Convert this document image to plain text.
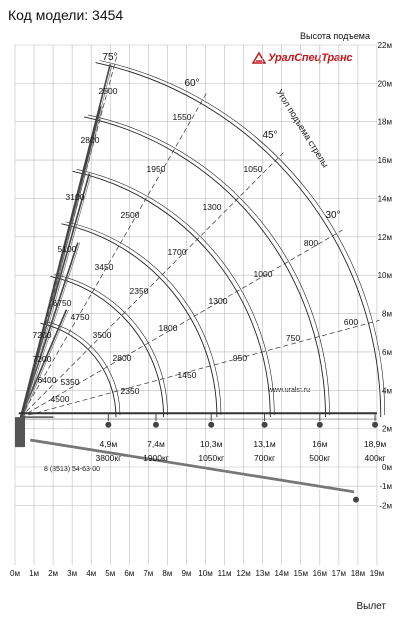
Код модели: 3454
УралСпецТранс
Высота подъема
Вылет
www.uralst.ru
8 (3513) 54-63-00
75°
60°
45°
30°
Угол подъема стрелы
4,9м
3800кг
7,4м
1900кг
10,3м
1050кг
13,1м
700кг
16м
500кг
18,9м
400кг
7200
6400 5350
4500
7200
4750
3500
2800
2350
6750
3450
2350
1800
1450
5100
2500
1700
1300
950
3100
1950
1300
1000
750
2800
1550
1050
800
600
2500
0м 1м 2м 3м 4м 5м 6м 7м 8м 9м 10м 11м 12м 13м 14м 15м 16м 17м 18м 19м
-2м
-1м
0м
2м
4м
6м
8м
10м
12м
14м
16м
18м
20м
22м
